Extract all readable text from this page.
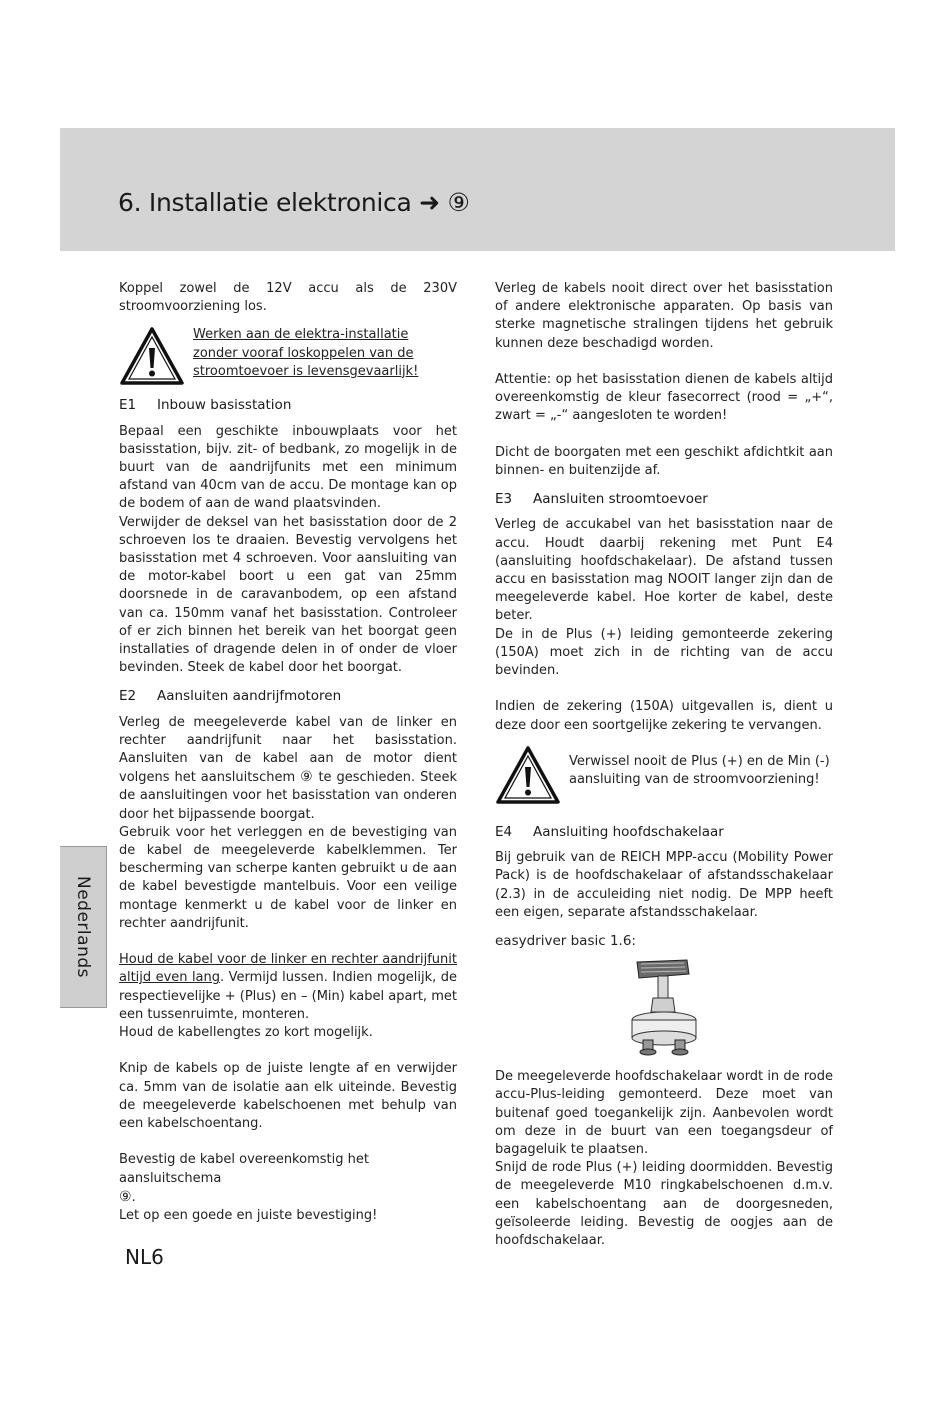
6. Installatie elektronica ➜ ⑨

Koppel zowel de 12V accu als de 230V stroomvoorziening los.

Werken aan de elektra-installatie zonder vooraf loskoppelen van de stroomtoevoer is levensgevaarlijk!
E1	Inbouw basisstation

Bepaal een geschikte inbouwplaats voor het basisstation, bijv. zit- of bedbank, zo mogelijk in de buurt van de aandrijfunits met een minimum afstand van 40cm van de accu. De montage kan op de bodem of aan de wand plaatsvinden.

Verwijder de deksel van het basisstation door de 2 schroeven los te draaien. Bevestig vervolgens het basisstation met 4 schroeven. Voor aansluiting van de motor-kabel boort u een gat van 25mm doorsnede in de caravanbodem, op een afstand van ca. 150mm vanaf het basisstation. Controleer of er zich binnen het bereik van het boorgat geen installaties of dragende delen in of onder de vloer bevinden. Steek de kabel door het boorgat.

E2	Aansluiten aandrijfmotoren

Verleg de meegeleverde kabel van de linker en rechter aandrijfunit naar het basisstation. Aansluiten van de kabel aan de motor dient volgens het aansluitschem ⑨ te geschieden. Steek de aansluitingen voor het basisstation van onderen door het bijpassende boorgat.

Gebruik voor het verleggen en de bevestiging van de kabel de meegeleverde kabelklemmen. Ter bescherming van scherpe kanten gebruikt u de aan de kabel bevestigde mantelbuis. Voor een veilige montage kenmerkt u de kabel voor de linker en rechter aandrijfunit.

Houd de kabel voor de linker en rechter aandrijfunit altijd even lang. Vermijd lussen. Indien mogelijk, de respectievelijke + (Plus) en – (Min) kabel apart, met een tussenruimte, monteren.

Houd de kabellengtes zo kort mogelijk.

Knip de kabels op de juiste lengte af en verwijder ca. 5mm van de isolatie aan elk uiteinde. Bevestig de meegeleverde kabelschoenen met behulp van een kabelschoentang.

Bevestig de kabel overeenkomstig het aansluitschema
⑨.

Let op een goede en juiste bevestiging!

Verleg de kabels nooit direct over het basisstation of andere elektronische apparaten. Op basis van sterke magnetische stralingen tijdens het gebruik kunnen deze beschadigd worden.

Attentie: op het basisstation dienen de kabels altijd overeenkomstig de kleur fasecorrect (rood = „+“, zwart = „-“ aangesloten te worden!

Dicht de boorgaten met een geschikt afdichtkit aan binnen- en buitenzijde af.

E3	Aansluiten stroomtoevoer

Verleg de accukabel van het basisstation naar de accu. Houdt daarbij rekening met Punt E4 (aansluiting hoofdschakelaar). De afstand tussen accu en basisstation mag NOOIT langer zijn dan de meegeleverde kabel. Hoe korter de kabel, deste beter.

De in de Plus (+) leiding gemonteerde zekering (150A) moet zich in de richting van de accu bevinden.

Indien de zekering (150A) uitgevallen is, dient u deze door een soortgelijke zekering te vervangen.

Verwissel nooit de Plus (+) en de Min (-) aansluiting van de stroomvoorziening!
E4	Aansluiting hoofdschakelaar

Bij gebruik van de REICH MPP-accu (Mobility Power Pack) is de hoofdschakelaar of afstandsschakelaar (2.3) in de acculeiding niet nodig. De MPP heeft een eigen, separate afstandsschakelaar.

easydriver basic 1.6:

De meegeleverde hoofdschakelaar wordt in de rode accu-Plus-leiding gemonteerd. Deze moet van buitenaf goed toegankelijk zijn. Aanbevolen wordt om deze in de buurt van een toegangsdeur of bagageluik te plaatsen.

Snijd de rode Plus (+) leiding doormidden. Bevestig de meegeleverde M10 ringkabelschoenen d.m.v. een kabelschoentang aan de doorgesneden, geïsoleerde leiding. Bevestig de oogjes aan de hoofdschakelaar.

Nederlands
NL6
